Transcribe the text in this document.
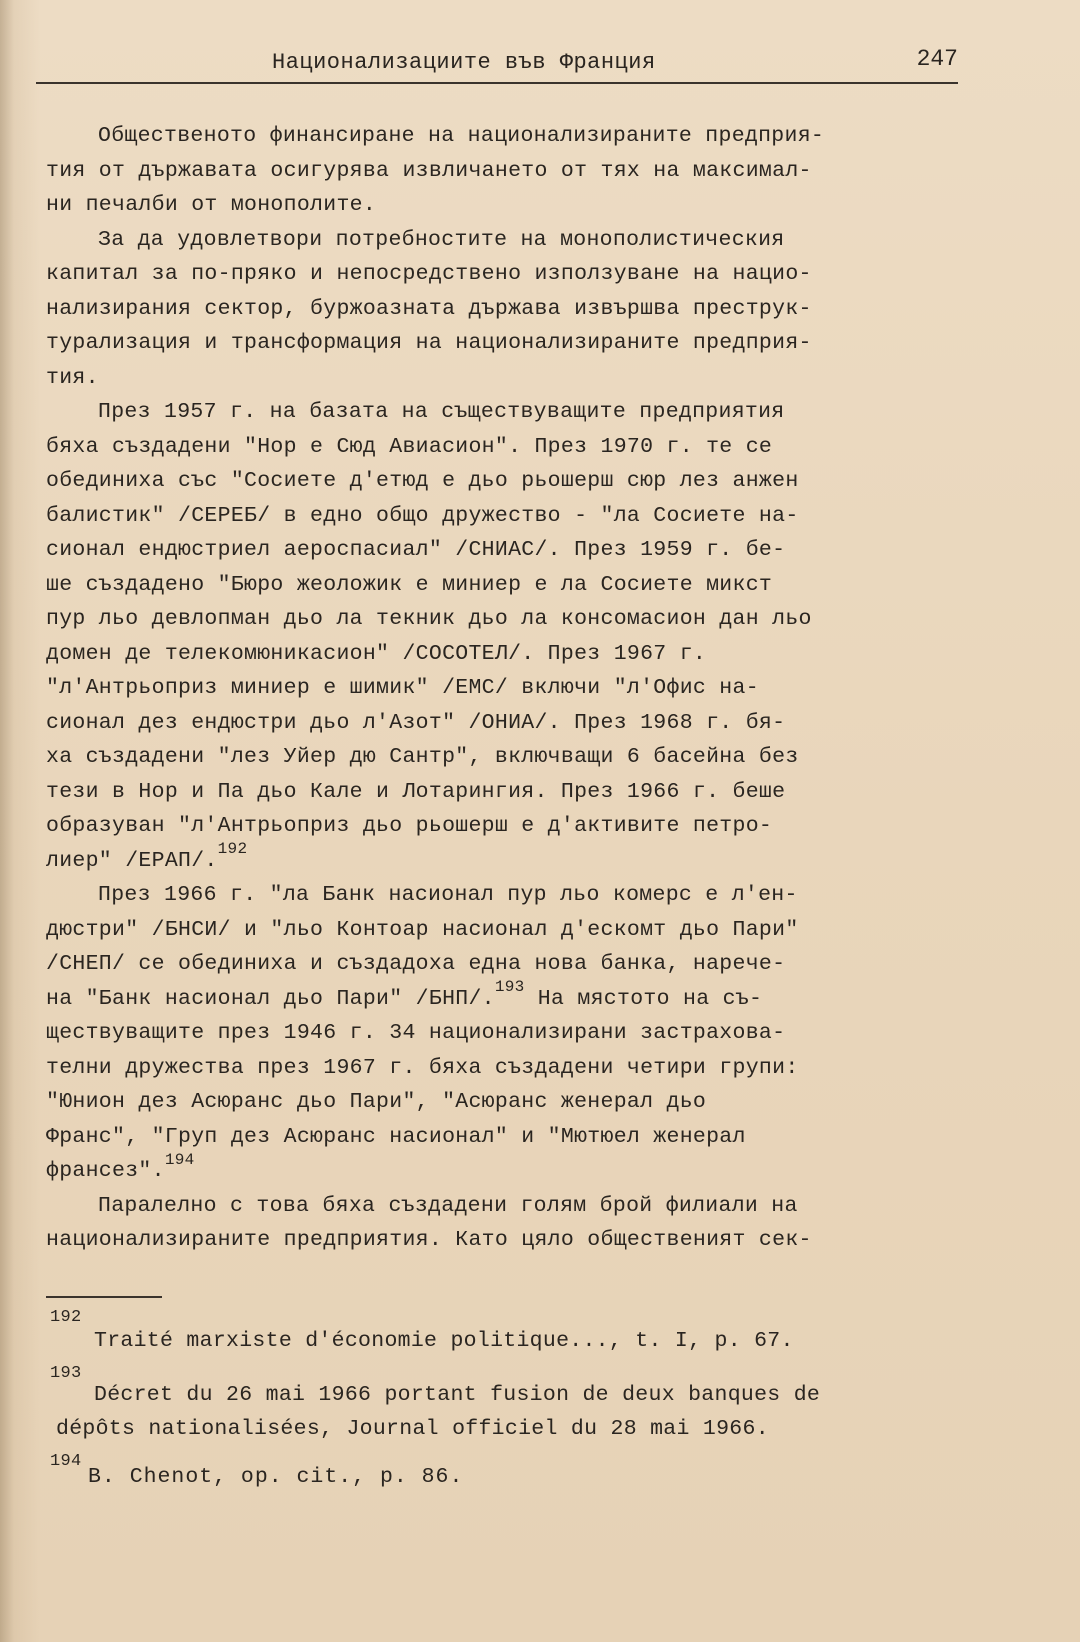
Национализациите във Франция	247
Общественото финансиране на национализираните предприя-
тия от държавата осигурява извличането от тях на максимал-
ни печалби от монополите.
За да удовлетвори потребностите на монополистическия
капитал за по-пряко и непосредствено използуване на нацио-
нализирания сектор, буржоазната държава извършва преструк-
турализация и трансформация на национализираните предприя-
тия.
През 1957 г. на базата на съществуващите предприятия
бяха създадени "Нор е Сюд Авиасион". През 1970 г. те се
обединиха със "Сосиете д'етюд е дьо рьошерш сюр лез анжен
балистик" /СЕРЕБ/ в едно общо дружество - "ла Сосиете на-
сионал ендюстриел аероспасиал" /СНИАС/. През 1959 г. бе-
ше създадено "Бюро жеоложик е миниер е ла Сосиете микст
пур льо девлопман дьо ла текник дьо ла консомасион дан льо
домен де телекомюникасион" /СОСОТЕЛ/. През 1967 г.
"л'Антрьоприз миниер е шимик" /ЕМС/ включи "л'Офис на-
сионал дез ендюстри дьо л'Азот" /ОНИА/. През 1968 г. бя-
ха създадени "лез Уйер дю Сантр", включващи 6 басейна без
тези в Нор и Па дьо Кале и Лотарингия. През 1966 г. беше
образуван "л'Антрьоприз дьо рьошерш е д'активите петро-
лиер" /ЕРАП/.$^{192}$
През 1966 г. "ла Банк насионал пур льо комерс е л'ен-
дюстри" /БНСИ/ и "льо Контоар насионал д'ескомт дьо Пари"
/СНЕП/ се обединиха и създадоха една нова банка, нарече-
на "Банк насионал дьо Пари" /БНП/.$^{193}$ На мястото на съ-
ществуващите през 1946 г. 34 национализирани застрахова-
телни дружества през 1967 г. бяха създадени четири групи:
"Юнион дез Асюранс дьо Пари", "Асюранс женерал дьо
Франс", "Груп дез Асюранс насионал" и "Мютюел женерал
франсез".$^{194}$
Паралелно с това бяха създадени голям брой филиали на
национализираните предприятия. Като цяло общественият сек-
192
Traité marxiste d'économie politique..., t. I, p. 67.
193
Décret du 26 mai 1966 portant fusion de deux banques de
dépôts nationalisées, Journal officiel du 28 mai 1966.
194
B. Chenot, op. cit., p. 86.
